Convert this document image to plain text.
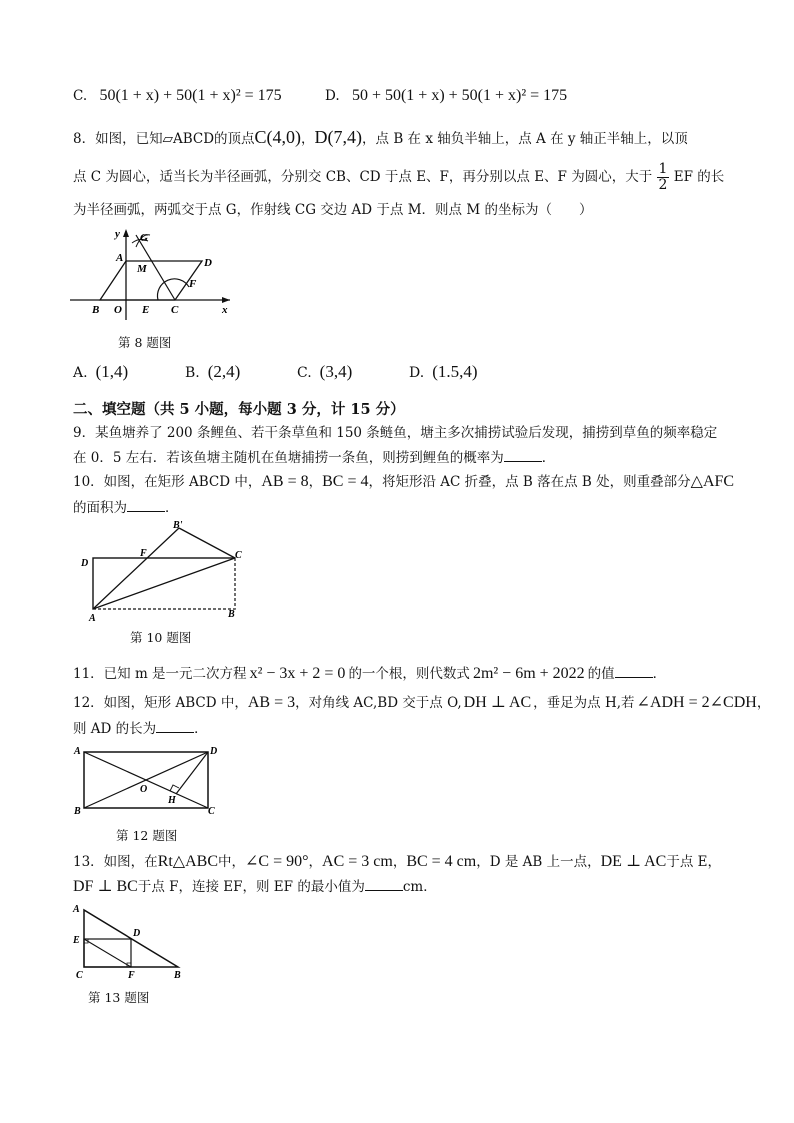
C. 50(1 + x) + 50(1 + x)² = 175	D. 50 + 50(1 + x) + 50(1 + x)² = 175
8．如图，已知▱ABCD的顶点C(4,0)，D(7,4)，点 B 在 x 轴负半轴上，点 A 在 y 轴正半轴上，以顶
点 C 为圆心，适当长为半径画弧，分别交 CB、CD 于点 E、F，再分别以点 E、F 为圆心，大于 $\frac{1}{2}$ EF 的长
为半径画弧，两弧交于点 G，作射线 CG 交边 AD 于点 M．则点 M 的坐标为（　　）
y G
A
M	D
F
B O E C	x
第 8 题图
A. (1,4)	B. (2,4)	C. (3,4)	D. (1.5,4)
二、填空题（共 5 小题，每小题 3 分，计 15 分）
9．某鱼塘养了 200 条鲤鱼、若干条草鱼和 150 条鲢鱼，塘主多次捕捞试验后发现，捕捞到草鱼的频率稳定
在 0．5 左右．若该鱼塘主随机在鱼塘捕捞一条鱼，则捞到鲤鱼的概率为	．
10．如图，在矩形 ABCD 中，AB = 8，BC = 4，将矩形沿 AC 折叠，点 B 落在点 B 处，则重叠部分△AFC
的面积为	．
B'
D
F	C
A	B
第 10 题图
11．已知 m 是一元二次方程 x² − 3x + 2 = 0 的一个根，则代数式 2m² − 6m + 2022 的值	．
12．如图，矩形 ABCD 中，AB = 3，对角线 AC,BD 交于点 O, DH ⊥ AC ，垂足为点 H,若 ∠ADH = 2∠CDH，
则 AD 的长为	．
A	D
O
H
B	C
第 12 题图
13．如图，在Rt△ABC中，∠C = 90°，AC = 3 cm，BC = 4 cm，D 是 AB 上一点，DE ⊥ AC于点 E，
DF ⊥ BC于点 F，连接 EF，则 EF 的最小值为	cm．
A
D
E
C	F	B
第 13 题图
